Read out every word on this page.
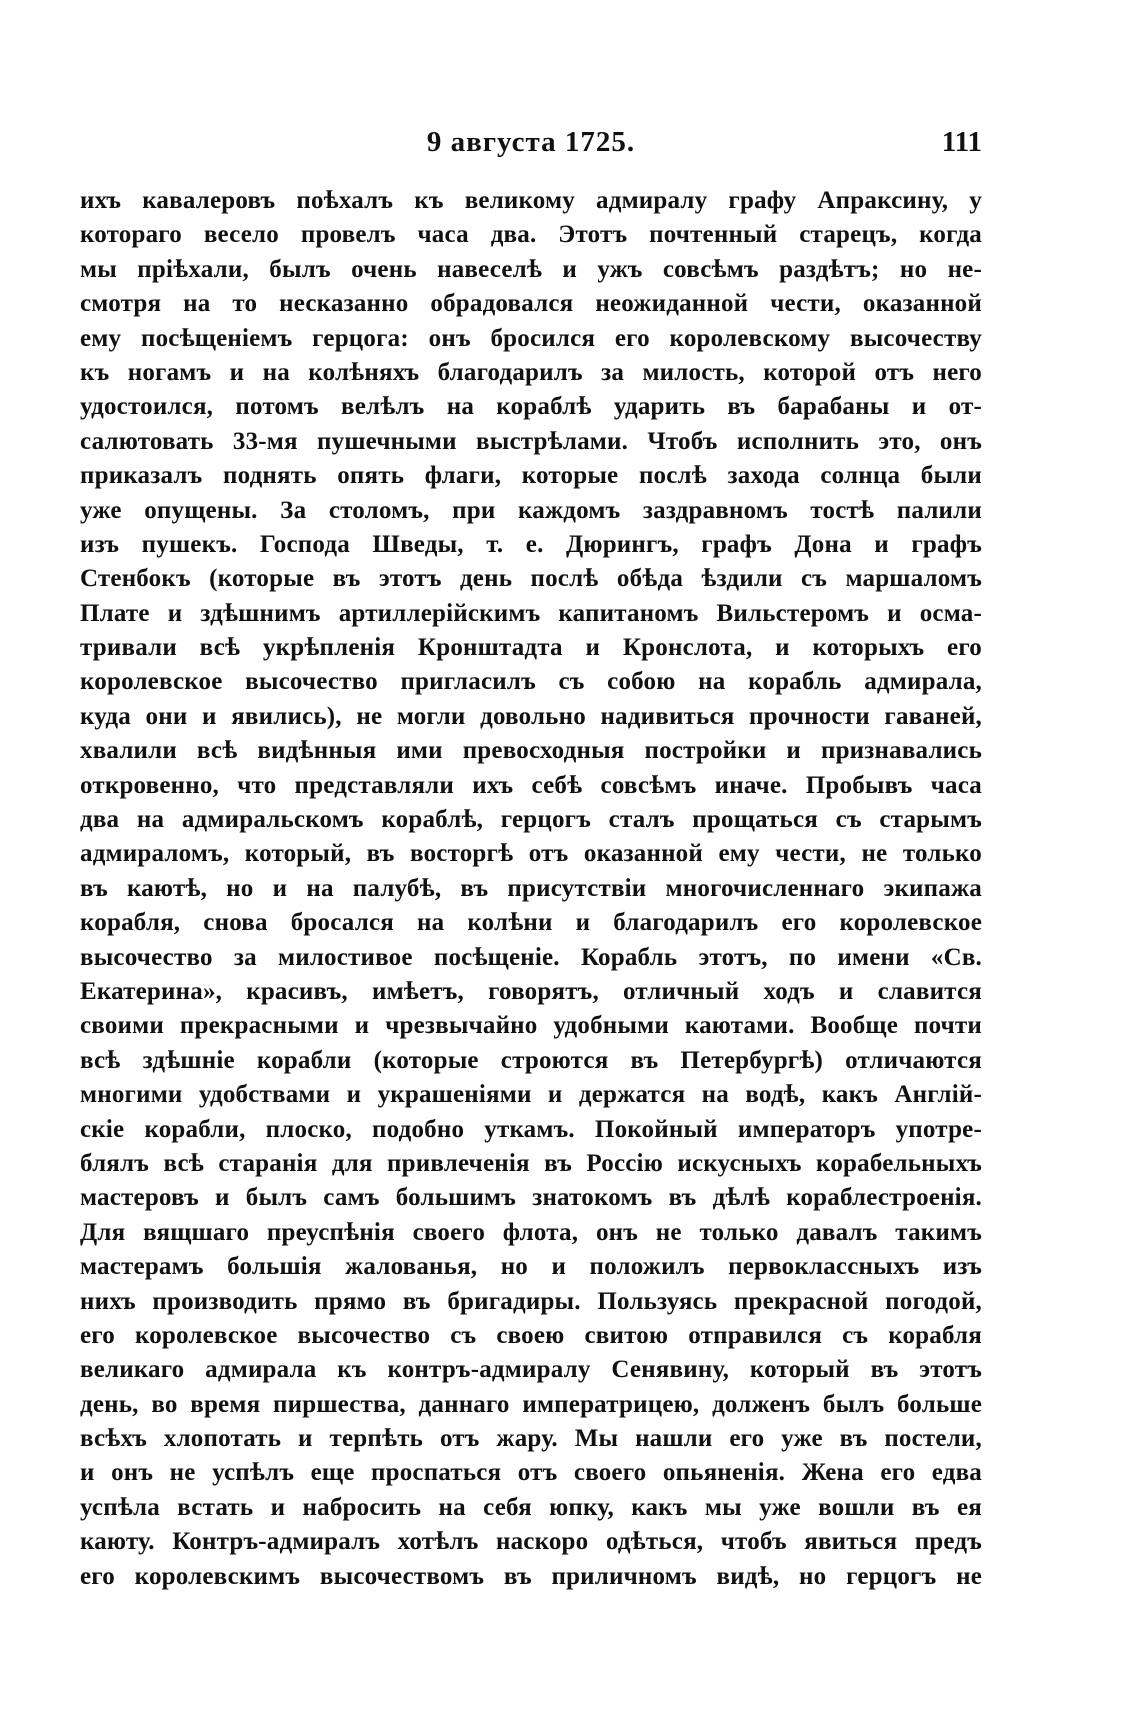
9 августа 1725.	111
ихъ кавалеровъ поѣхалъ къ великому адмиралу графу Апраксину, у
котораго весело провелъ часа два. Этотъ почтенный старецъ, когда
мы пріѣхали, былъ очень навеселѣ и ужъ совсѣмъ раздѣтъ; но не-
смотря на то несказанно обрадовался неожиданной чести, оказанной
ему посѣщеніемъ герцога: онъ бросился его королевскому высочеству
къ ногамъ и на колѣняхъ благодарилъ за милость, которой отъ него
удостоился, потомъ велѣлъ на кораблѣ ударить въ барабаны и от-
салютовать 33-мя пушечными выстрѣлами. Чтобъ исполнить это, онъ
приказалъ поднять опять флаги, которые послѣ захода солнца были
уже опущены. За столомъ, при каждомъ заздравномъ тостѣ палили
изъ пушекъ. Господа Шведы, т. е. Дюрингъ, графъ Дона и графъ
Стенбокъ (которые въ этотъ день послѣ обѣда ѣздили съ маршаломъ
Плате и здѣшнимъ артиллерійскимъ капитаномъ Вильстеромъ и осма-
тривали всѣ укрѣпленія Кронштадта и Кронслота, и которыхъ его
королевское высочество пригласилъ съ собою на корабль адмирала,
куда они и явились), не могли довольно надивиться прочности гаваней,
хвалили всѣ видѣнныя ими превосходныя постройки и признавались
откровенно, что представляли ихъ себѣ совсѣмъ иначе. Пробывъ часа
два на адмиральскомъ кораблѣ, герцогъ сталъ прощаться съ старымъ
адмираломъ, который, въ восторгѣ отъ оказанной ему чести, не только
въ каютѣ, но и на палубѣ, въ присутствіи многочисленнаго экипажа
корабля, снова бросался на колѣни и благодарилъ его королевское
высочество за милостивое посѣщеніе. Корабль этотъ, по имени «Св.
Екатерина», красивъ, имѣетъ, говорятъ, отличный ходъ и славится
своими прекрасными и чрезвычайно удобными каютами. Вообще почти
всѣ здѣшніе корабли (которые строются въ Петербургѣ) отличаются
многими удобствами и украшеніями и держатся на водѣ, какъ Англій-
скіе корабли, плоско, подобно уткамъ. Покойный императоръ употре-
блялъ всѣ старанія для привлеченія въ Россію искусныхъ корабельныхъ
мастеровъ и былъ самъ большимъ знатокомъ въ дѣлѣ кораблестроенія.
Для вящшаго преуспѣнія своего флота, онъ не только давалъ такимъ
мастерамъ большія жалованья, но и положилъ первоклассныхъ изъ
нихъ производить прямо въ бригадиры. Пользуясь прекрасной погодой,
его королевское высочество съ своею свитою отправился съ корабля
великаго адмирала къ контръ-адмиралу Сенявину, который въ этотъ
день, во время пиршества, даннаго императрицею, долженъ былъ больше
всѣхъ хлопотать и терпѣть отъ жару. Мы нашли его уже въ постели,
и онъ не успѣлъ еще проспаться отъ своего опьяненія. Жена его едва
успѣла встать и набросить на себя юпку, какъ мы уже вошли въ ея
каюту. Контръ-адмиралъ хотѣлъ наскоро одѣться, чтобъ явиться предъ
его королевскимъ высочествомъ въ приличномъ видѣ, но герцогъ не
